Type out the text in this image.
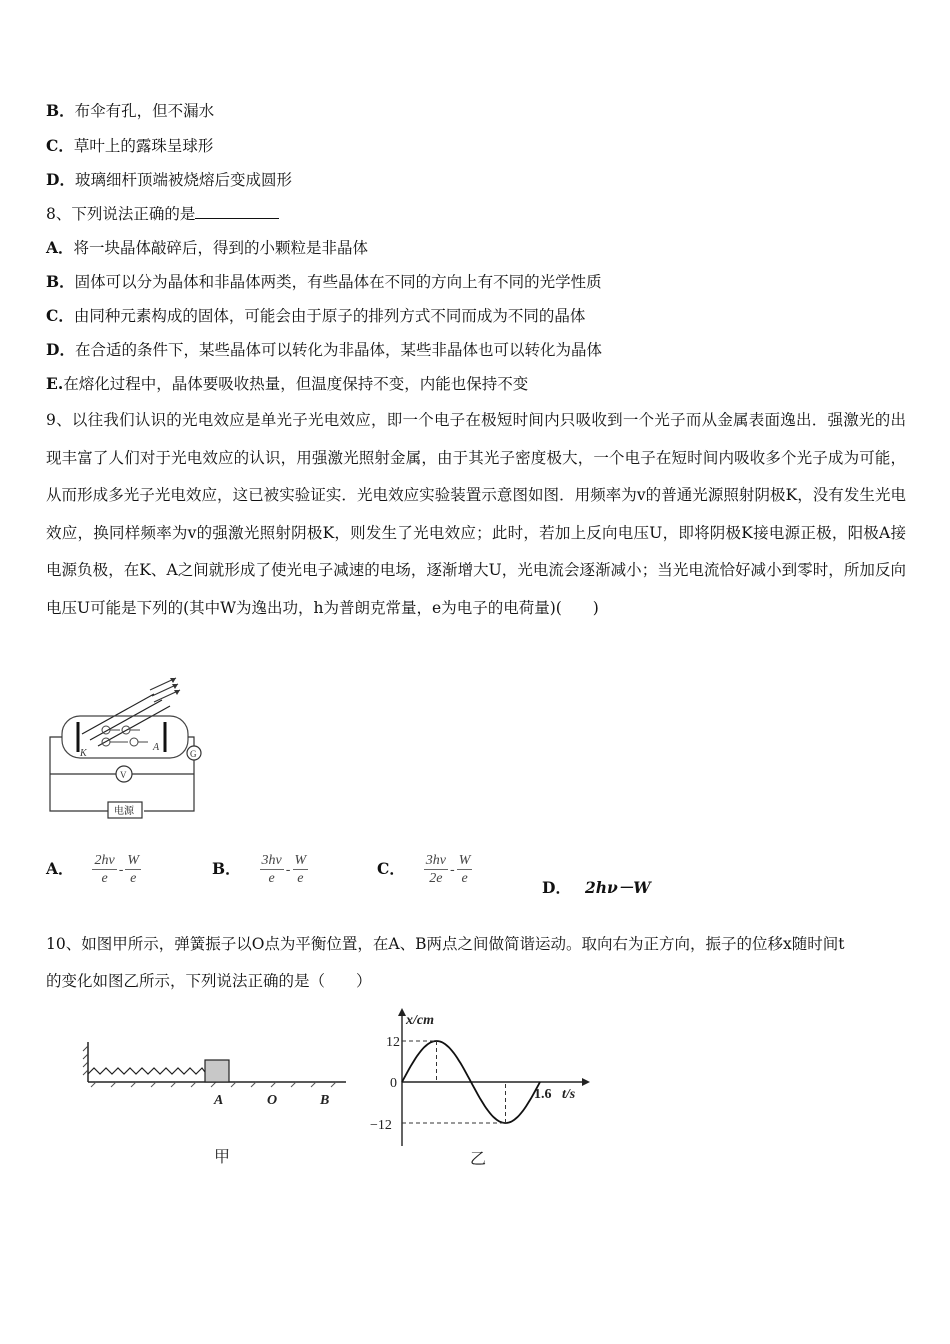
B．布伞有孔，但不漏水
C．草叶上的露珠呈球形
D．玻璃细杆顶端被烧熔后变成圆形
8、下列说法正确的是
A．将一块晶体敲碎后，得到的小颗粒是非晶体
B．固体可以分为晶体和非晶体两类，有些晶体在不同的方向上有不同的光学性质
C．由同种元素构成的固体，可能会由于原子的排列方式不同而成为不同的晶体
D．在合适的条件下，某些晶体可以转化为非晶体，某些非晶体也可以转化为晶体
E.在熔化过程中，晶体要吸收热量，但温度保持不变，内能也保持不变
9、以往我们认识的光电效应是单光子光电效应，即一个电子在极短时间内只吸收到一个光子而从金属表面逸出．强激光的出现丰富了人们对于光电效应的认识，用强激光照射金属，由于其光子密度极大，一个电子在短时间内吸收多个光子成为可能，从而形成多光子光电效应，这已被实验证实．光电效应实验装置示意图如图．用频率为v的普通光源照射阴极K，没有发生光电效应，换同样频率为v的强激光照射阴极K，则发生了光电效应；此时，若加上反向电压U，即将阴极K接电源正极，阳极A接电源负极，在K、A之间就形成了使光电子减速的电场，逐渐增大U，光电流会逐渐减小；当光电流恰好减小到零时，所加反向电压U可能是下列的(其中W为逸出功，h为普朗克常量，e为电子的电荷量)(　　)
K
A
G
V
电源
A． $\frac{2h\nu}{e} - \frac{W}{e}$	B． $\frac{3h\nu}{e} - \frac{W}{e}$	C． $\frac{3h\nu}{2e} - \frac{W}{e}$
D． 2hν－W
10、如图甲所示，弹簧振子以O点为平衡位置，在A、B两点之间做简谐运动。取向右为正方向，振子的位移x随时间t
的变化如图乙所示，下列说法正确的是（　　）
A	O	B
甲
x/cm
12
0
−12
1.6 t/s
乙
